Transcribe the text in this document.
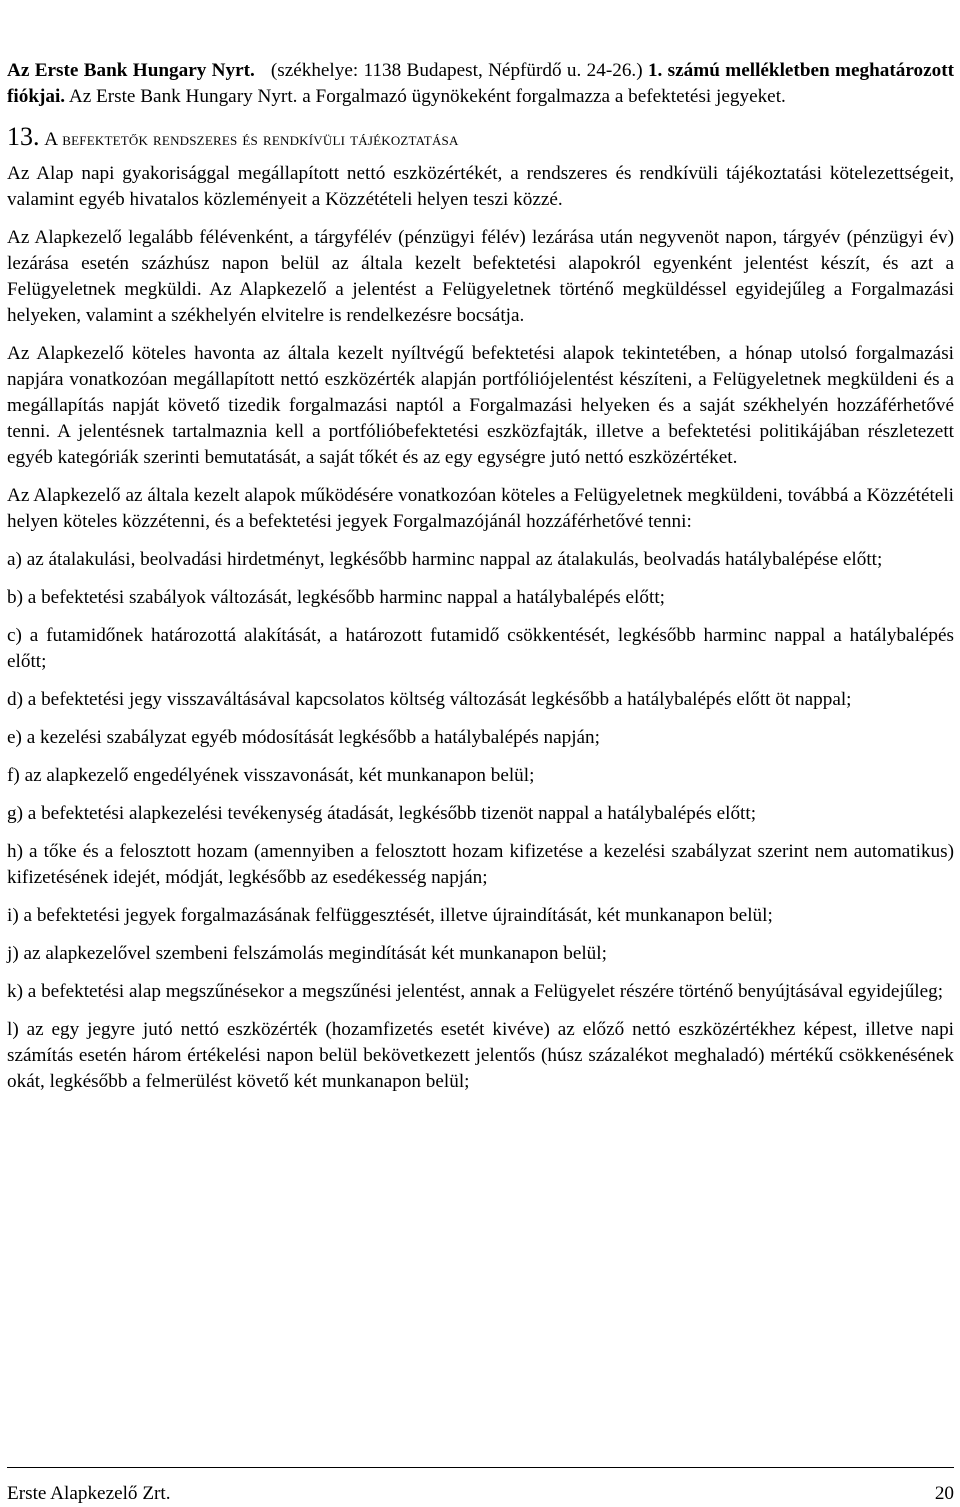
Az Erste Bank Hungary Nyrt. (székhelye: 1138 Budapest, Népfürdő u. 24-26.) 1. számú mellékletben meghatározott fiókjai. Az Erste Bank Hungary Nyrt. a Forgalmazó ügynökeként forgalmazza a befektetési jegyeket.

13. A befektetők rendszeres és rendkívüli tájékoztatása

Az Alap napi gyakorisággal megállapított nettó eszközértékét, a rendszeres és rendkívüli tájékoztatási kötelezettségeit, valamint egyéb hivatalos közleményeit a Közzétételi helyen teszi közzé.

Az Alapkezelő legalább félévenként, a tárgyfélév (pénzügyi félév) lezárása után negyvenöt napon, tárgyév (pénzügyi év) lezárása esetén százhúsz napon belül az általa kezelt befektetési alapokról egyenként jelentést készít, és azt a Felügyeletnek megküldi. Az Alapkezelő a jelentést a Felügyeletnek történő megküldéssel egyidejűleg a Forgalmazási helyeken, valamint a székhelyén elvitelre is rendelkezésre bocsátja.

Az Alapkezelő köteles havonta az általa kezelt nyíltvégű befektetési alapok tekintetében, a hónap utolsó forgalmazási napjára vonatkozóan megállapított nettó eszközérték alapján portfóliójelentést készíteni, a Felügyeletnek megküldeni és a megállapítás napját követő tizedik forgalmazási naptól a Forgalmazási helyeken és a saját székhelyén hozzáférhetővé tenni. A jelentésnek tartalmaznia kell a portfólióbefektetési eszközfajták, illetve a befektetési politikájában részletezett egyéb kategóriák szerinti bemutatását, a saját tőkét és az egy egységre jutó nettó eszközértéket.

Az Alapkezelő az általa kezelt alapok működésére vonatkozóan köteles a Felügyeletnek megküldeni, továbbá a Közzétételi helyen köteles közzétenni, és a befektetési jegyek Forgalmazójánál hozzáférhetővé tenni:

a) az átalakulási, beolvadási hirdetményt, legkésőbb harminc nappal az átalakulás, beolvadás hatálybalépése előtt;

b) a befektetési szabályok változását, legkésőbb harminc nappal a hatálybalépés előtt;

c) a futamidőnek határozottá alakítását, a határozott futamidő csökkentését, legkésőbb harminc nappal a hatálybalépés előtt;

d) a befektetési jegy visszaváltásával kapcsolatos költség változását legkésőbb a hatálybalépés előtt öt nappal;

e) a kezelési szabályzat egyéb módosítását legkésőbb a hatálybalépés napján;

f) az alapkezelő engedélyének visszavonását, két munkanapon belül;

g) a befektetési alapkezelési tevékenység átadását, legkésőbb tizenöt nappal a hatálybalépés előtt;

h) a tőke és a felosztott hozam (amennyiben a felosztott hozam kifizetése a kezelési szabályzat szerint nem automatikus) kifizetésének idejét, módját, legkésőbb az esedékesség napján;

i) a befektetési jegyek forgalmazásának felfüggesztését, illetve újraindítását, két munkanapon belül;

j) az alapkezelővel szembeni felszámolás megindítását két munkanapon belül;

k) a befektetési alap megszűnésekor a megszűnési jelentést, annak a Felügyelet részére történő benyújtásával egyidejűleg;

l) az egy jegyre jutó nettó eszközérték (hozamfizetés esetét kivéve) az előző nettó eszközértékhez képest, illetve napi számítás esetén három értékelési napon belül bekövetkezett jelentős (húsz százalékot meghaladó) mértékű csökkenésének okát, legkésőbb a felmerülést követő két munkanapon belül;

Erste Alapkezelő Zrt.	20
